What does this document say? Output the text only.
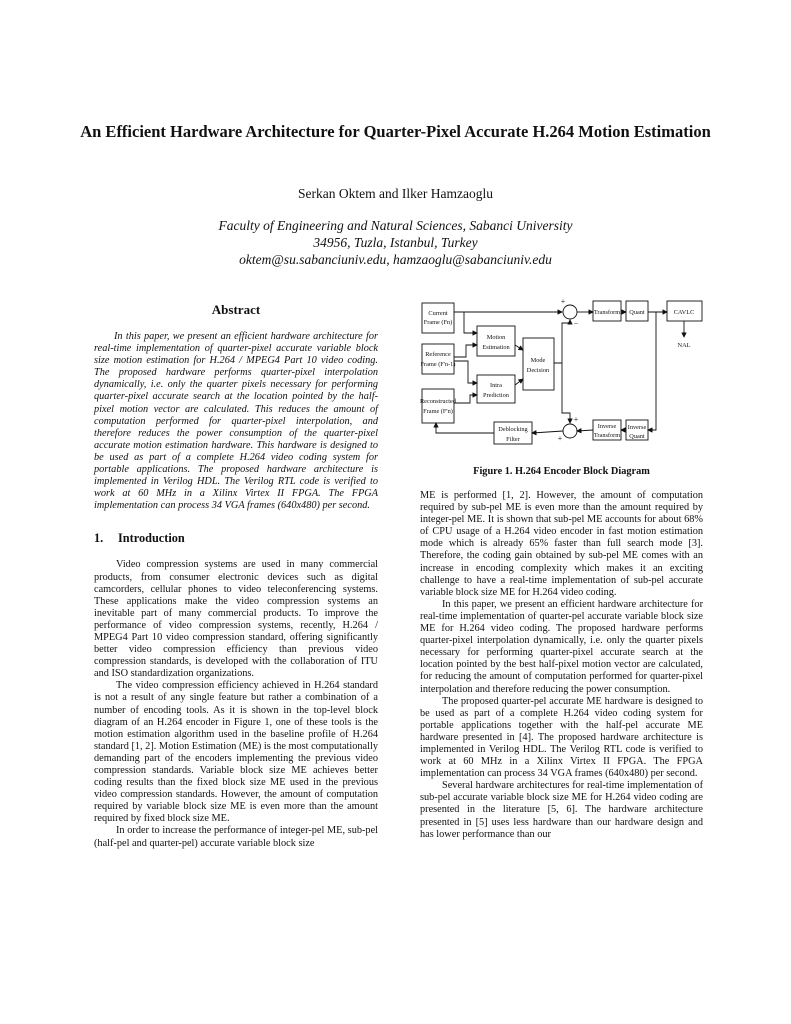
An Efficient Hardware Architecture for Quarter-Pixel Accurate H.264 Motion Estimation
Serkan Oktem and Ilker Hamzaoglu
Faculty of Engineering and Natural Sciences, Sabanci University
34956, Tuzla, Istanbul, Turkey
oktem@su.sabanciuniv.edu, hamzaoglu@sabanciuniv.edu
Abstract

In this paper, we present an efficient hardware architecture for real-time implementation of quarter-pixel accurate variable block size motion estimation for H.264 / MPEG4 Part 10 video coding. The proposed hardware performs quarter-pixel interpolation dynamically, i.e. only the quarter pixels necessary for performing quarter-pixel accurate search at the location pointed by the half-pixel motion vector are calculated. This reduces the amount of computation performed for quarter-pixel interpolation, and therefore reduces the power consumption of the quarter-pixel accurate motion estimation hardware. This hardware is designed to be used as part of a complete H.264 video coding system for portable applications. The proposed hardware architecture is implemented in Verilog HDL. The Verilog RTL code is verified to work at 60 MHz in a Xilinx Virtex II FPGA. The FPGA implementation can process 34 VGA frames (640x480) per second.

1. Introduction

Video compression systems are used in many commercial products, from consumer electronic devices such as digital camcorders, cellular phones to video teleconferencing systems. These applications make the video compression systems an inevitable part of many commercial products. To improve the performance of video compression systems, recently, H.264 / MPEG4 Part 10 video compression standard, offering significantly better video compression efficiency than previous video compression standards, is developed with the collaboration of ITU and ISO standardization organizations.

The video compression efficiency achieved in H.264 standard is not a result of any single feature but rather a combination of a number of encoding tools. As it is shown in the top-level block diagram of an H.264 encoder in Figure 1, one of these tools is the motion estimation algorithm used in the baseline profile of H.264 standard [1, 2]. Motion Estimation (ME) is the most computationally demanding part of the encoders implementing the previous video compression standards. Variable block size ME achieves better coding results than the fixed block size ME used in the previous video compression standards. However, the amount of computation required by variable block size ME is even more than the amount required by fixed block size ME.

In order to increase the performance of integer-pel ME, sub-pel (half-pel and quarter-pel) accurate variable block size

Current
Frame (Fn)
Reference
Frame (F'n-1)
Reconstructed
Frame (F'n)
Motion
Estimation
Intra
Prediction
Mode
Decision
Transform Quant	CAVLC
NAL
Inverse
Transform
Inverse
Quant
Deblocking
Filter
+
−
+
+
Figure 1. H.264 Encoder Block Diagram

ME is performed [1, 2]. However, the amount of computation required by sub-pel ME is even more than the amount required by integer-pel ME. It is shown that sub-pel ME accounts for about 68% of CPU usage of a H.264 video encoder in fast motion estimation mode which is already 65% faster than full search mode [3]. Therefore, the coding gain obtained by sub-pel ME comes with an increase in encoding complexity which makes it an exciting challenge to have a real-time implementation of sub-pel accurate variable block size ME for H.264 video coding.

In this paper, we present an efficient hardware architecture for real-time implementation of quarter-pel accurate variable block size ME for H.264 video coding. The proposed hardware performs quarter-pixel interpolation dynamically, i.e. only the quarter pixels necessary for performing quarter-pixel accurate search at the location pointed by the best half-pixel motion vector are calculated, for reducing the amount of computation performed for quarter-pixel interpolation and therefore reducing the power consumption.

The proposed quarter-pel accurate ME hardware is designed to be used as part of a complete H.264 video coding system for portable applications together with the half-pel accurate ME hardware presented in [4]. The proposed hardware architecture is implemented in Verilog HDL. The Verilog RTL code is verified to work at 60 MHz in a Xilinx Virtex II FPGA. The FPGA implementation can process 34 VGA frames (640x480) per second.

Several hardware architectures for real-time implementation of sub-pel accurate variable block size ME for H.264 video coding are presented in the literature [5, 6]. The hardware architecture presented in [5] uses less hardware than our hardware design and has lower performance than our
